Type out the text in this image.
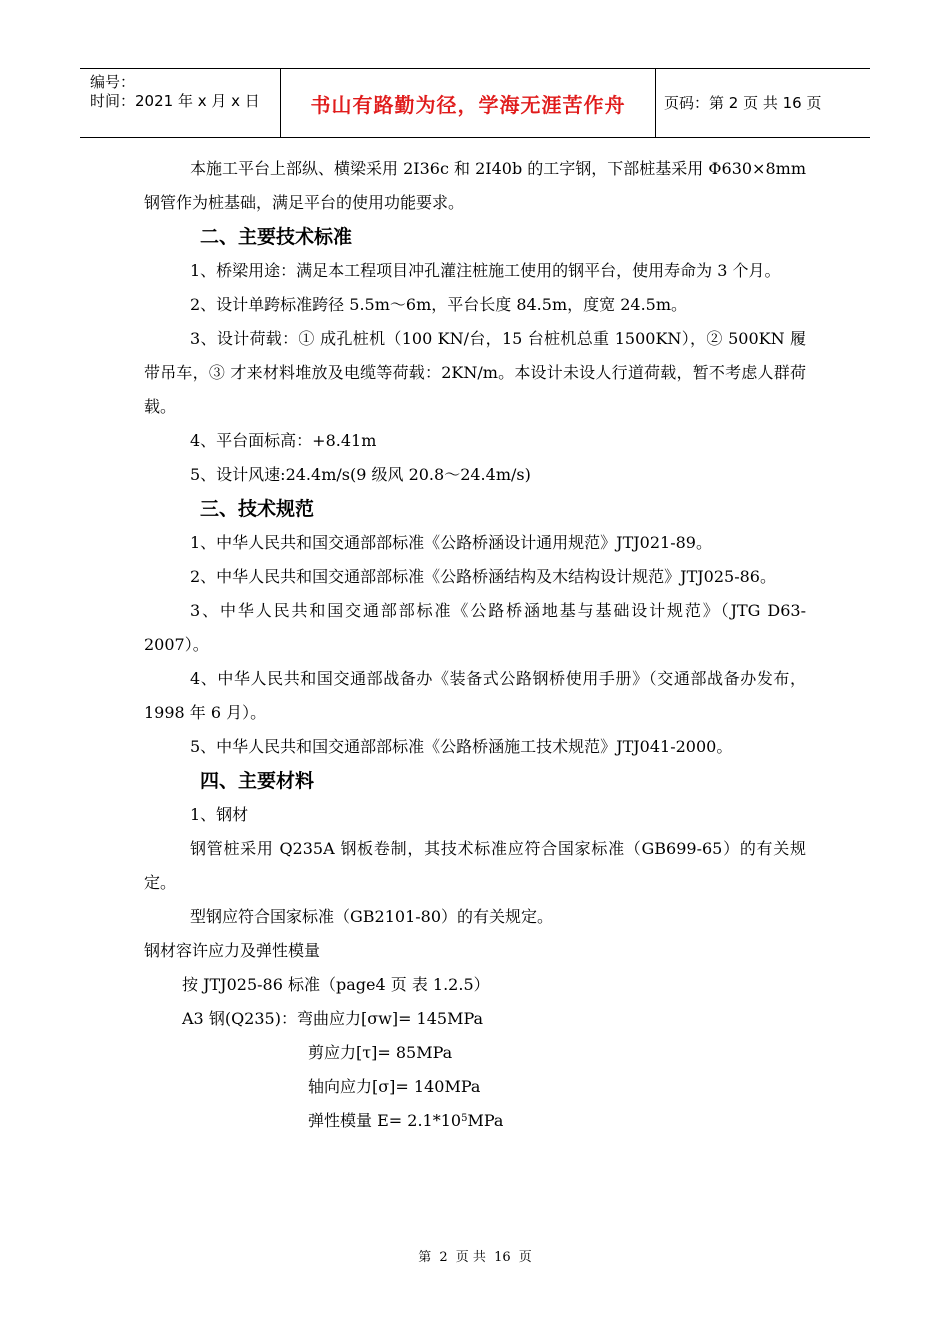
编号：
时间：2021 年 x 月 x 日	书山有路勤为径，学海无涯苦作舟	页码：第 2 页 共 16 页

本施工平台上部纵、横梁采用 2I36c 和 2I40b 的工字钢，下部桩基采用 Φ630×8mm 钢管作为桩基础，满足平台的使用功能要求。

二、主要技术标准

1、桥梁用途：满足本工程项目冲孔灌注桩施工使用的钢平台，使用寿命为 3 个月。

2、设计单跨标准跨径 5.5m～6m，平台长度 84.5m，度宽 24.5m。

3、设计荷载：① 成孔桩机（100 KN/台，15 台桩机总重 1500KN），② 500KN 履带吊车，③ 才来材料堆放及电缆等荷载：2KN/m。本设计未设人行道荷载，暂不考虑人群荷载。

4、平台面标高：+8.41m

5、设计风速:24.4m/s(9 级风 20.8～24.4m/s)

三、技术规范

1、中华人民共和国交通部部标准《公路桥涵设计通用规范》JTJ021-89。

2、中华人民共和国交通部部标准《公路桥涵结构及木结构设计规范》JTJ025-86。

3、中华人民共和国交通部部标准《公路桥涵地基与基础设计规范》（JTG D63-2007）。

4、中华人民共和国交通部战备办《装备式公路钢桥使用手册》（交通部战备办发布，1998 年 6 月）。

5、中华人民共和国交通部部标准《公路桥涵施工技术规范》JTJ041-2000。

四、主要材料

1、钢材

钢管桩采用 Q235A 钢板卷制，其技术标准应符合国家标准（GB699-65）的有关规定。

型钢应符合国家标准（GB2101-80）的有关规定。

钢材容许应力及弹性模量

按 JTJ025-86 标准（page4 页 表 1.2.5）

A3 钢(Q235)：弯曲应力[σw]= 145MPa

剪应力[τ]= 85MPa

轴向应力[σ]= 140MPa

弹性模量 $E= 2.1*10^5MPa$

第 2 页 共 16 页
